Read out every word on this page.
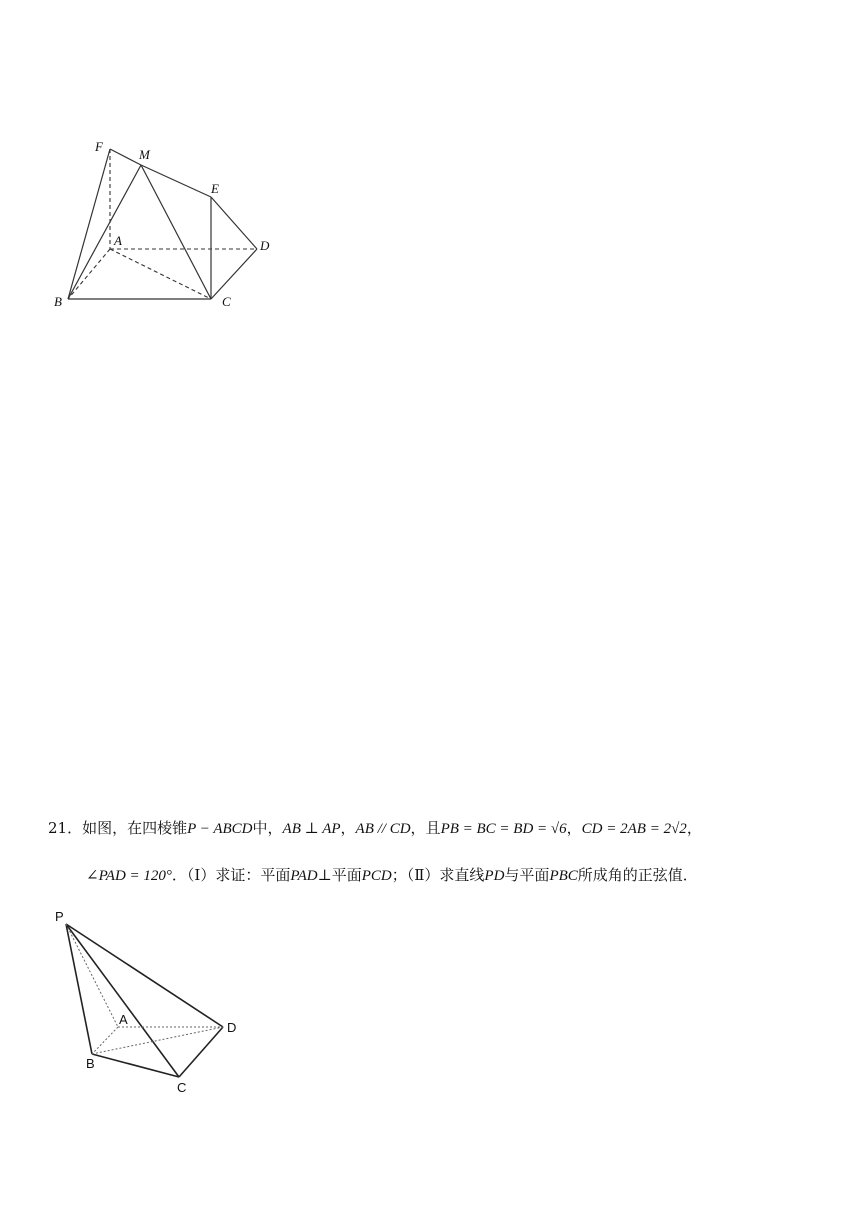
F
M
E
A	D
B	C
21．如图，在四棱锥P − ABCD中，AB ⊥ AP，AB // CD，且PB = BC = BD = √6，CD = 2AB = 2√2，
∠PAD = 120°．（Ⅰ）求证：平面PAD⊥平面PCD；（Ⅱ）求直线PD与平面PBC所成角的正弦值．
P
A
D
B
C
